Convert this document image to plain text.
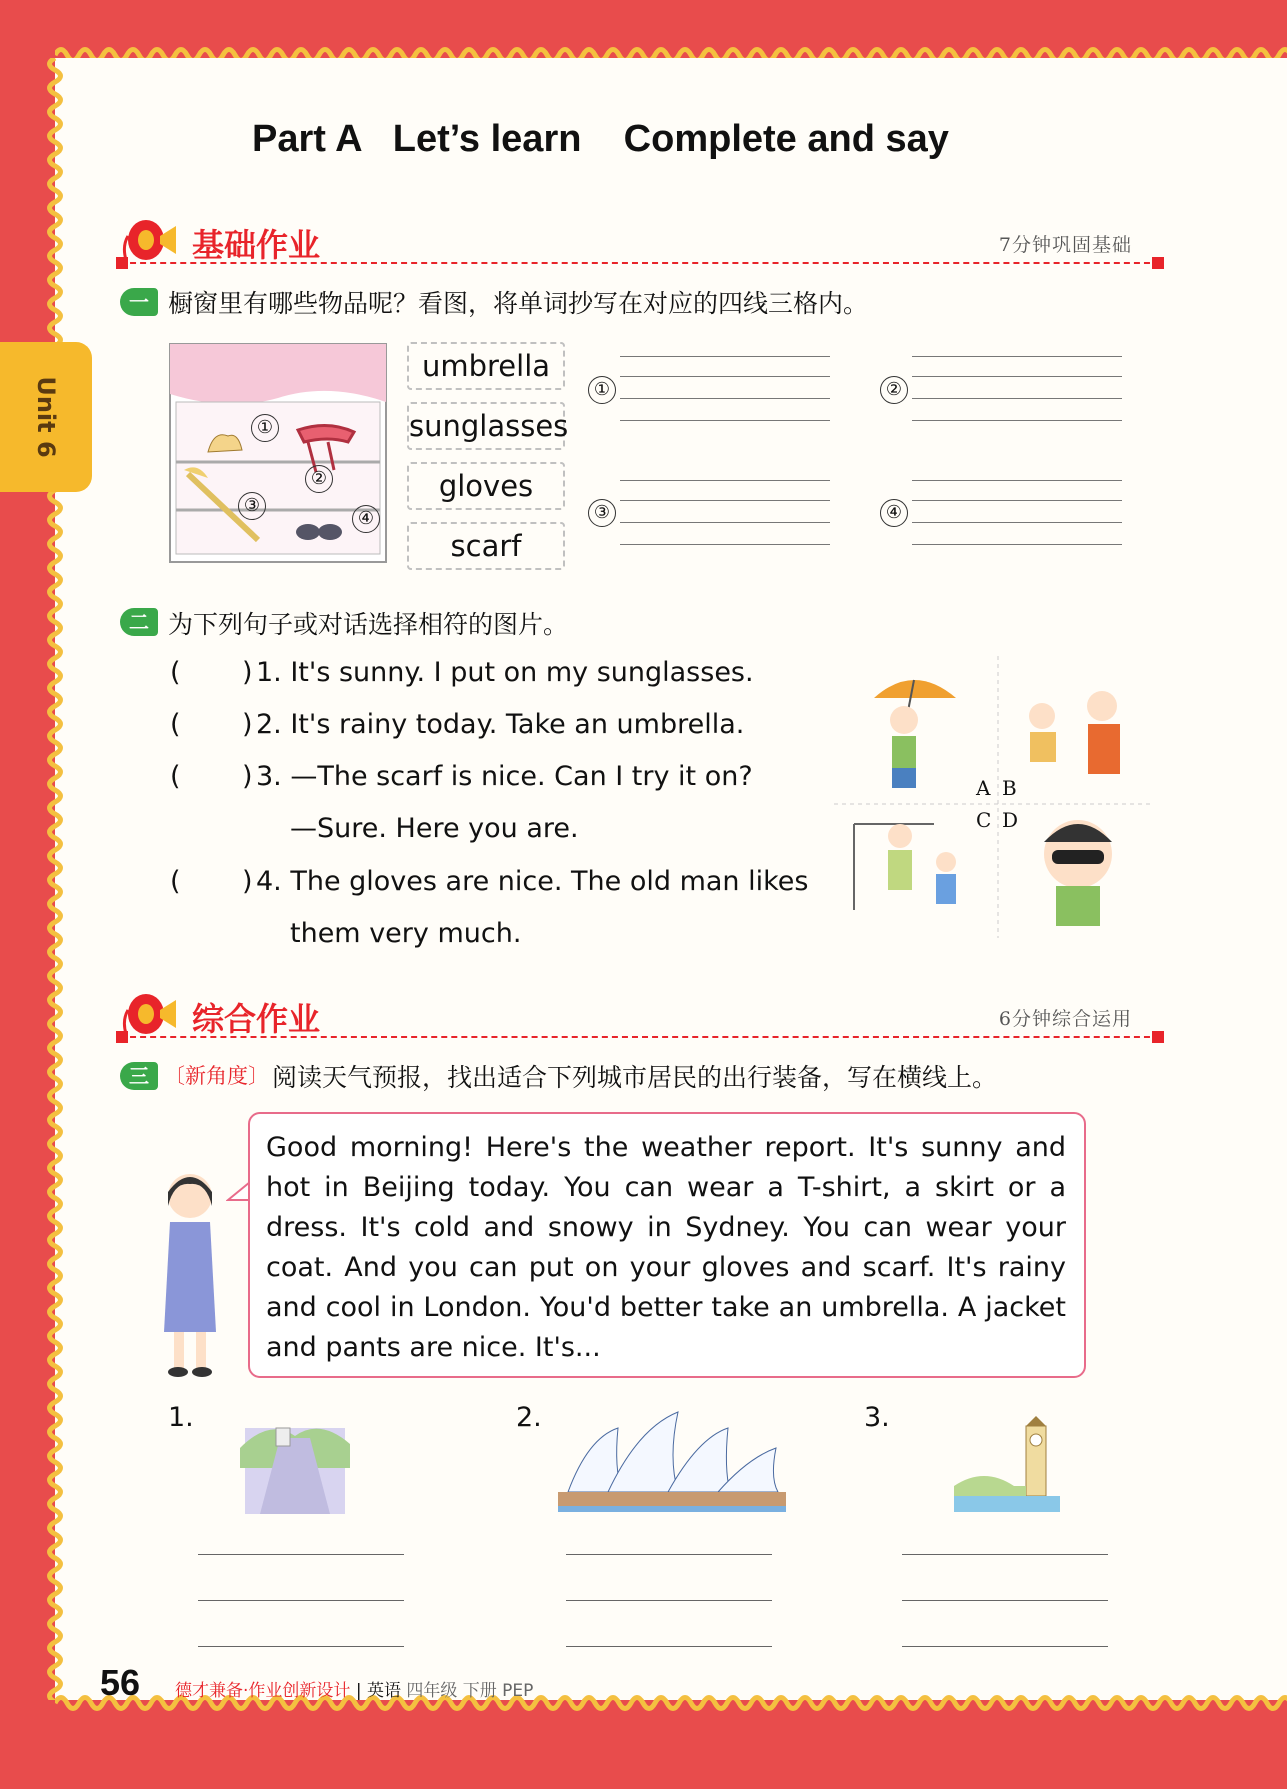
Unit 6
Part A   Let’s learn    Complete and say
基础作业	7分钟巩固基础
一 橱窗里有哪些物品呢？看图，将单词抄写在对应的四线三格内。
①
②
③
④
umbrella
sunglasses
gloves
scarf
①	②
③	④
二 为下列句子或对话选择相符的图片。
( ) 1. It's sunny. I put on my sunglasses.
( ) 2. It's rainy today. Take an umbrella.
( ) 3. —The scarf is nice. Can I try it on?
—Sure. Here you are.
( ) 4. The gloves are nice. The old man likes
them very much.
A B
C D
综合作业	6分钟综合运用
三 〔新角度〕 阅读天气预报，找出适合下列城市居民的出行装备，写在横线上。

Good morning! Here's the weather report. It's sunny and hot in Beijing today. You can wear a T-shirt, a skirt or a dress. It's cold and snowy in Sydney. You can wear your coat. And you can put on your gloves and scarf. It's rainy and cool in London. You'd better take an umbrella. A jacket and pants are nice. It's...

1.	2.	3.
56 德才兼备·作业创新设计 | 英语 四年级 下册 PEP
